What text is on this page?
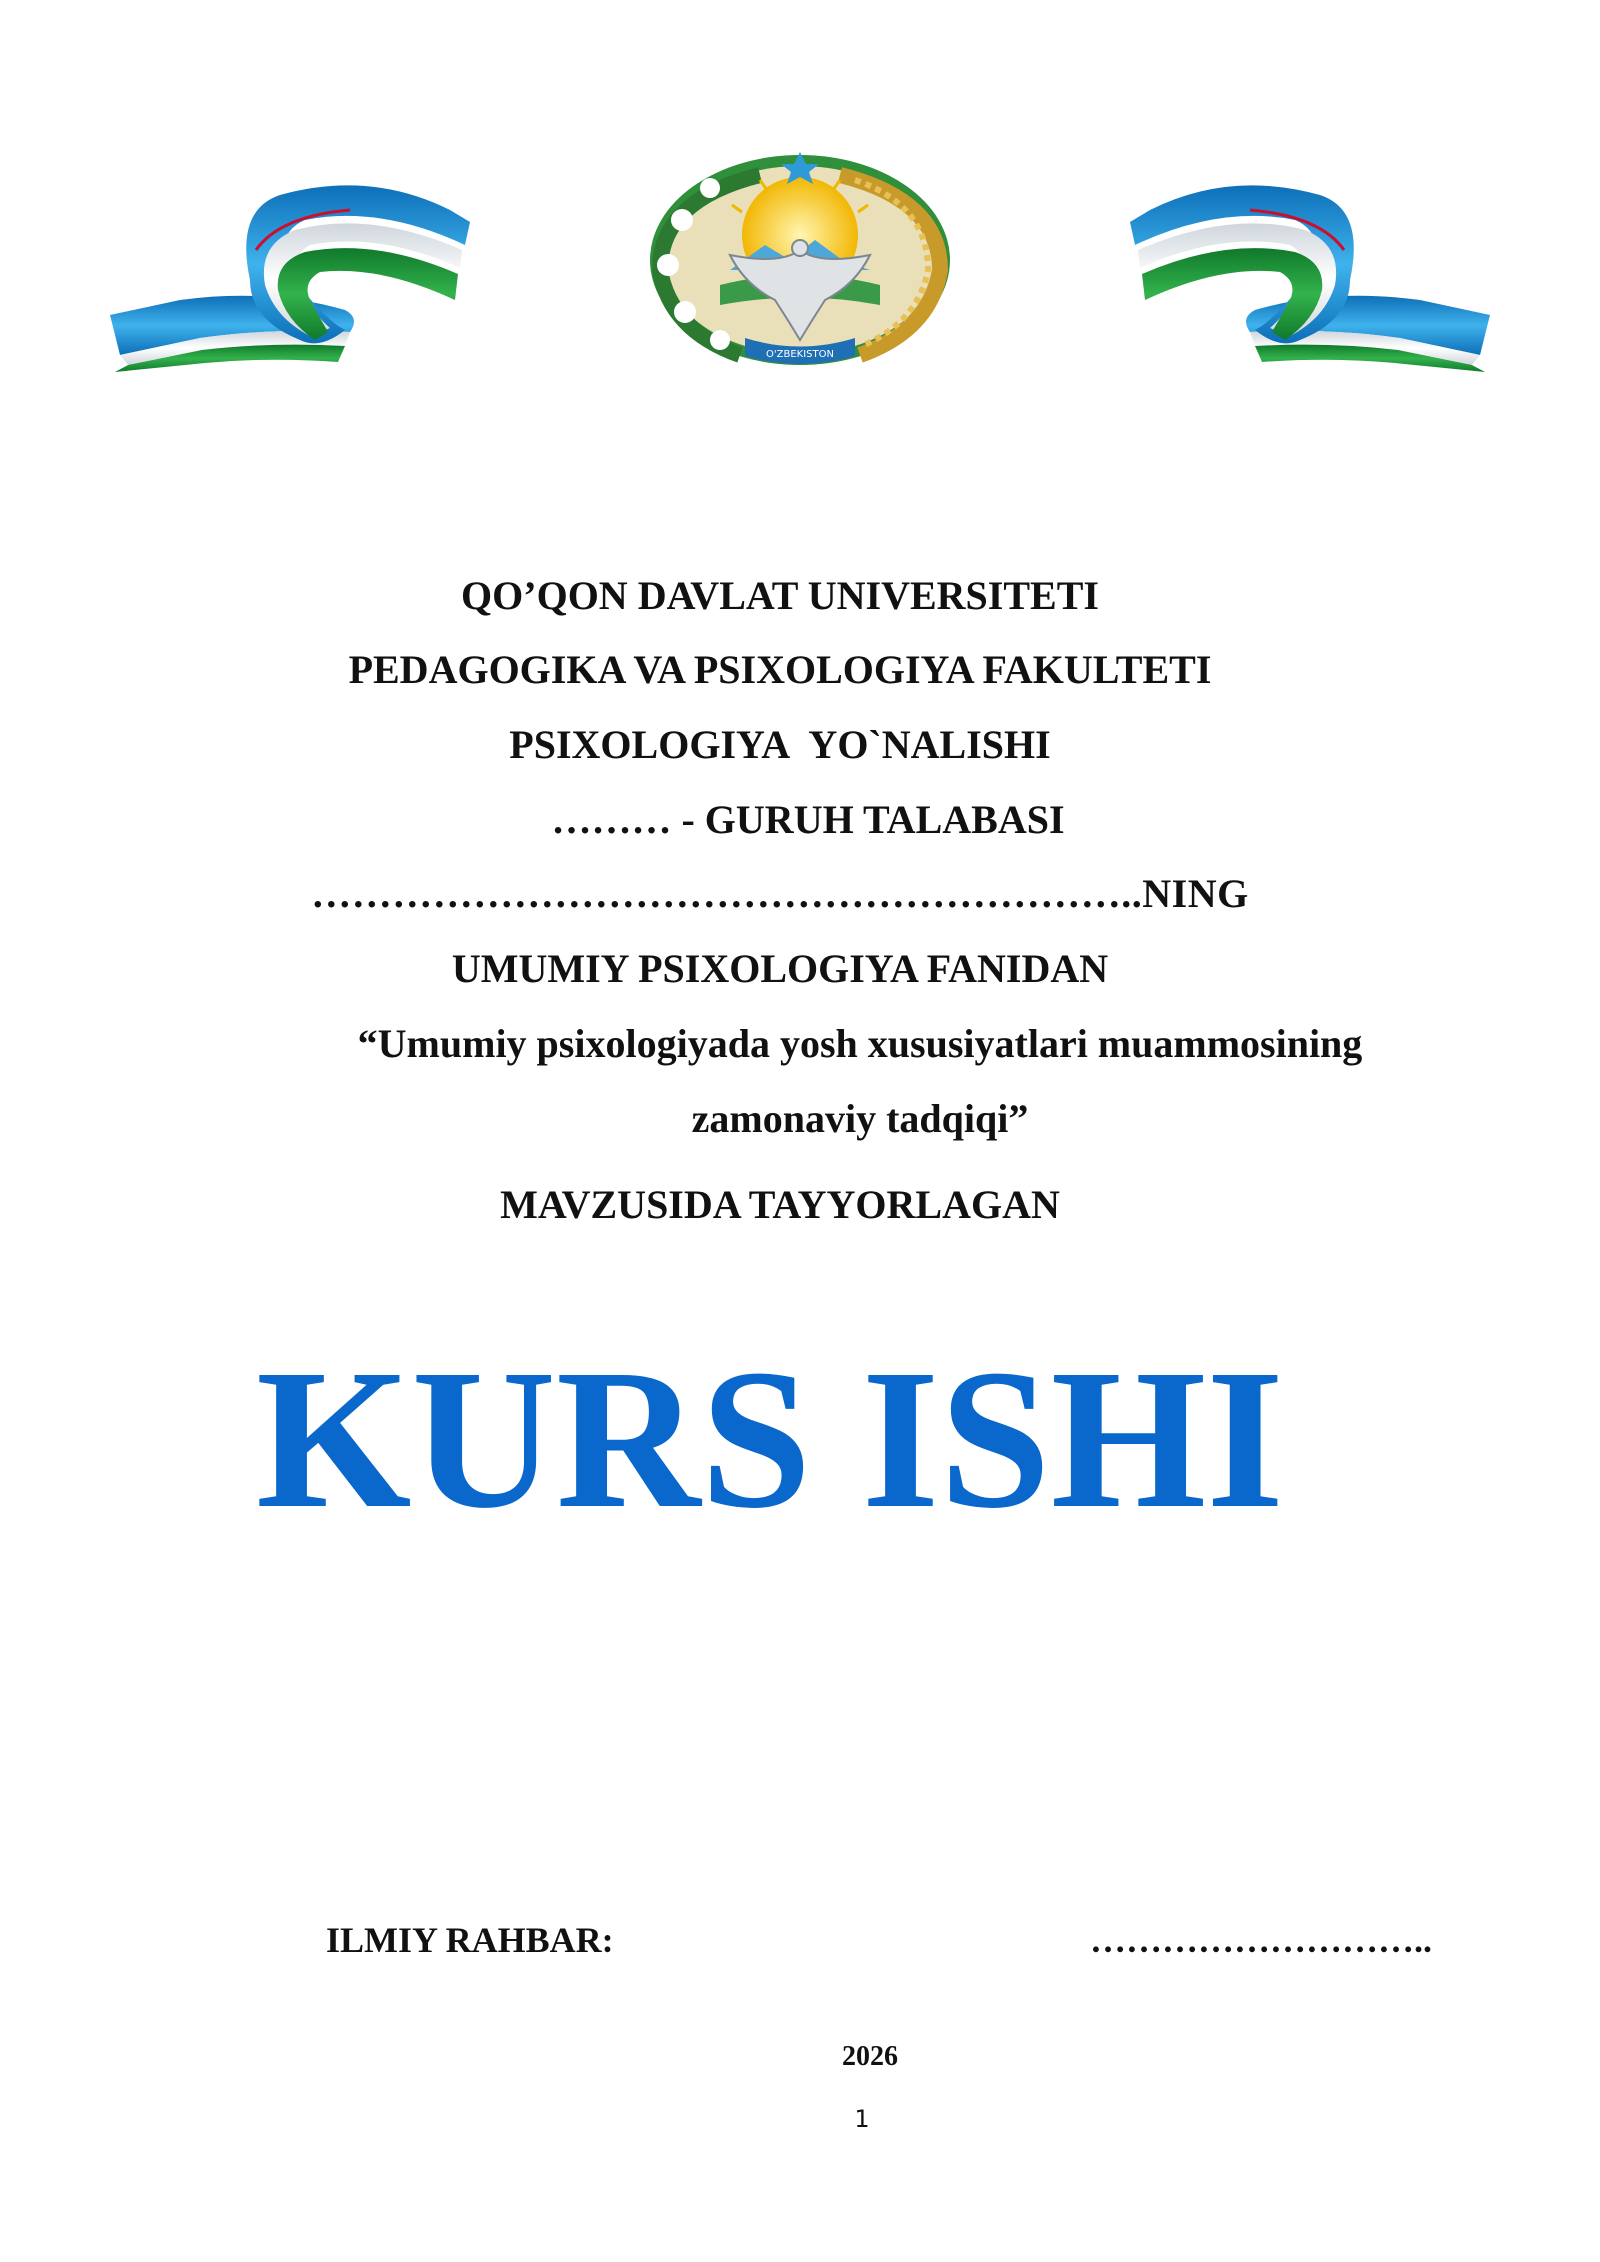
O'ZBEKISTON
QO’QON DAVLAT UNIVERSITETI
PEDAGOGIKA VA PSIXOLOGIYA FAKULTETI
PSIXOLOGIYA YO`NALISHI
……… - GURUH TALABASI
……………………………………………………..NING
UMUMIY PSIXOLOGIYA FANIDAN
“Umumiy psixologiyada yosh xususiyatlari muammosining
zamonaviy tadqiqi”
MAVZUSIDA TAYYORLAGAN
KURS ISHI
ILMIY RAHBAR:	………………………..
2026
1
